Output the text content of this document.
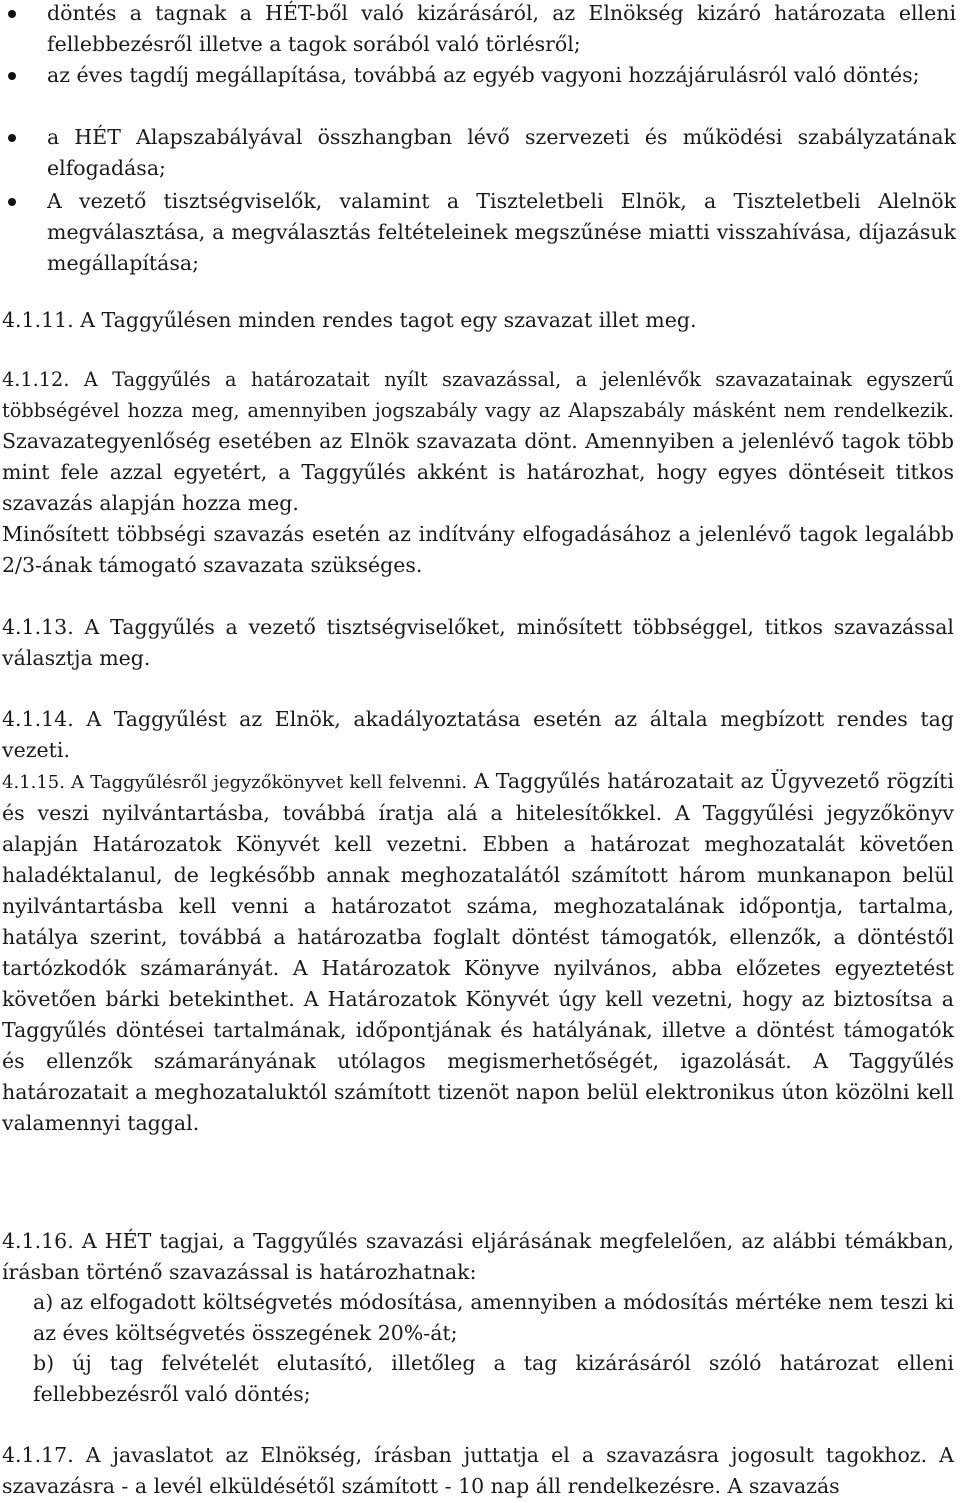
döntés a tagnak a HÉT-ből való kizárásáról, az Elnökség kizáró határozata elleni fellebbezésről illetve a tagok sorából való törlésről;

az éves tagdíj megállapítása, továbbá az egyéb vagyoni hozzájárulásról való döntés;

a HÉT Alapszabályával összhangban lévő szervezeti és működési szabályzatának elfogadása;

A vezető tisztségviselők, valamint a Tiszteletbeli Elnök, a Tiszteletbeli Alelnök megválasztása, a megválasztás feltételeinek megszűnése miatti visszahívása, díjazásuk megállapítása;

4.1.11. A Taggyűlésen minden rendes tagot egy szavazat illet meg.

4.1.12. A Taggyűlés a határozatait nyílt szavazással, a jelenlévők szavazatainak egyszerű többségével hozza meg, amennyiben jogszabály vagy az Alapszabály másként nem rendelkezik. Szavazategyenlőség esetében az Elnök szavazata dönt. Amennyiben a jelenlévő tagok több mint fele azzal egyetért, a Taggyűlés akként is határozhat, hogy egyes döntéseit titkos szavazás alapján hozza meg.
Minősített többségi szavazás esetén az indítvány elfogadásához a jelenlévő tagok legalább 2/3-ának támogató szavazata szükséges.

4.1.13. A Taggyűlés a vezető tisztségviselőket, minősített többséggel, titkos szavazással választja meg.

4.1.14. A Taggyűlést az Elnök, akadályoztatása esetén az általa megbízott rendes tag vezeti.

4.1.15. A Taggyűlésről jegyzőkönyvet kell felvenni. A Taggyűlés határozatait az Ügyvezető rögzíti és veszi nyilvántartásba, továbbá íratja alá a hitelesítőkkel. A Taggyűlési jegyzőkönyv alapján Határozatok Könyvét kell vezetni. Ebben a határozat meghozatalát követően haladéktalanul, de legkésőbb annak meghozatalától számított három munkanapon belül nyilvántartásba kell venni a határozatot száma, meghozatalának időpontja, tartalma, hatálya szerint, továbbá a határozatba foglalt döntést támogatók, ellenzők, a döntéstől tartózkodók számarányát. A Határozatok Könyve nyilvános, abba előzetes egyeztetést követően bárki betekinthet. A Határozatok Könyvét úgy kell vezetni, hogy az biztosítsa a Taggyűlés döntései tartalmának, időpontjának és hatályának, illetve a döntést támogatók és ellenzők számarányának utólagos megismerhetőségét, igazolását. A Taggyűlés határozatait a meghozataluktól számított tizenöt napon belül elektronikus úton közölni kell valamennyi taggal.

4.1.16. A HÉT tagjai, a Taggyűlés szavazási eljárásának megfelelően, az alábbi témákban, írásban történő szavazással is határozhatnak:

a) az elfogadott költségvetés módosítása, amennyiben a módosítás mértéke nem teszi ki az éves költségvetés összegének 20%-át;

b) új tag felvételét elutasító, illetőleg a tag kizárásáról szóló határozat elleni fellebbezésről való döntés;

4.1.17. A javaslatot az Elnökség, írásban juttatja el a szavazásra jogosult tagokhoz. A szavazásra - a levél elküldésétől számított - 10 nap áll rendelkezésre. A szavazás
